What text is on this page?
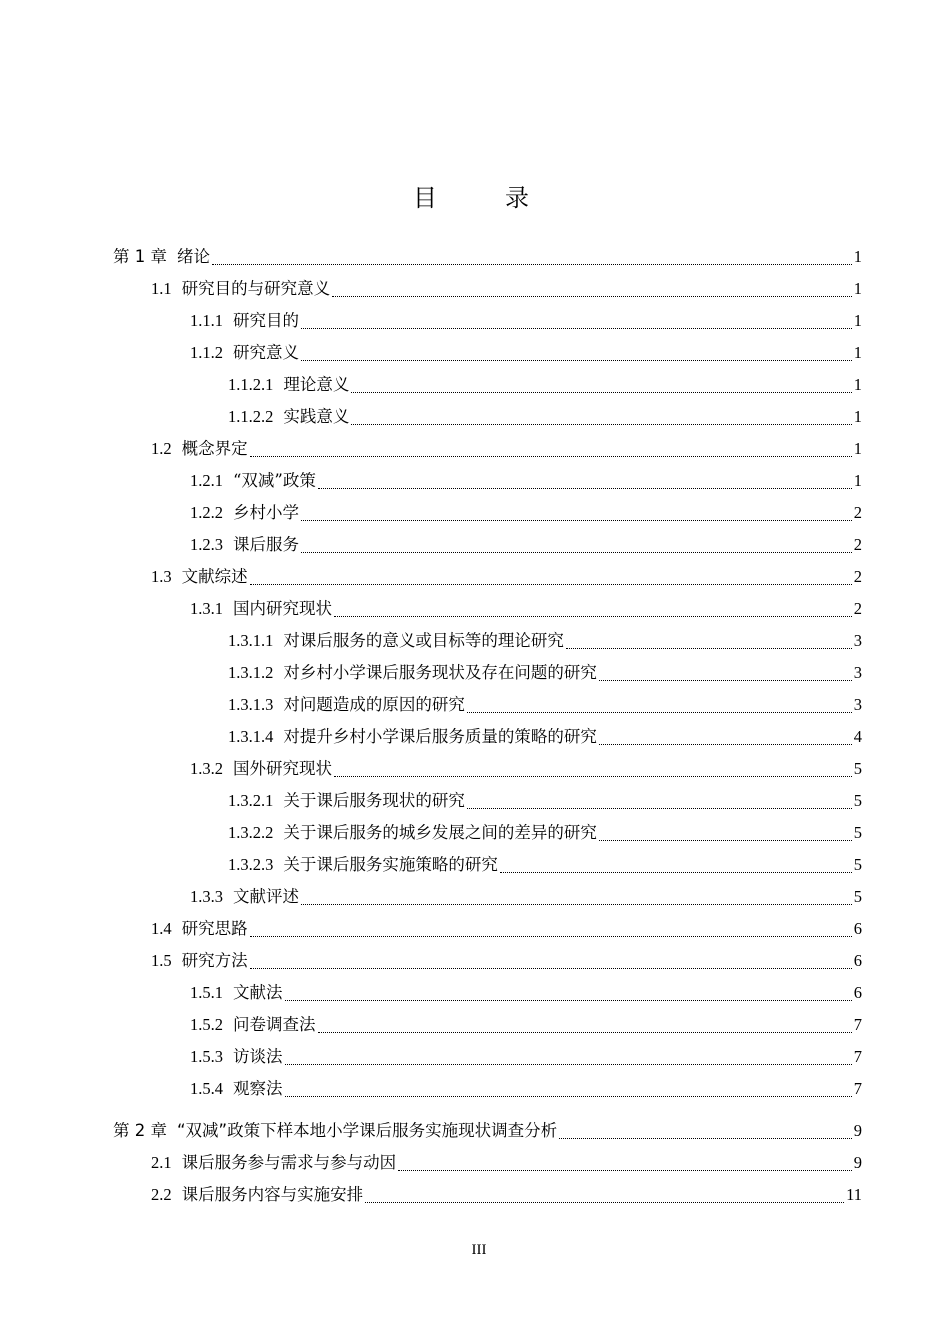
目　录
第 1 章 绪论	1
1.1 研究目的与研究意义	1
1.1.1 研究目的	1
1.1.2 研究意义	1
1.1.2.1 理论意义	1
1.1.2.2 实践意义	1
1.2 概念界定	1
1.2.1 “双减”政策	1
1.2.2 乡村小学	2
1.2.3 课后服务	2
1.3 文献综述	2
1.3.1 国内研究现状	2
1.3.1.1 对课后服务的意义或目标等的理论研究	3
1.3.1.2 对乡村小学课后服务现状及存在问题的研究	3
1.3.1.3 对问题造成的原因的研究	3
1.3.1.4 对提升乡村小学课后服务质量的策略的研究	4
1.3.2 国外研究现状	5
1.3.2.1 关于课后服务现状的研究	5
1.3.2.2 关于课后服务的城乡发展之间的差异的研究	5
1.3.2.3 关于课后服务实施策略的研究	5
1.3.3 文献评述	5
1.4 研究思路	6
1.5 研究方法	6
1.5.1 文献法	6
1.5.2 问卷调查法	7
1.5.3 访谈法	7
1.5.4 观察法	7
第 2 章 “双减”政策下样本地小学课后服务实施现状调查分析	9
2.1 课后服务参与需求与参与动因	9
2.2 课后服务内容与实施安排	11
III
